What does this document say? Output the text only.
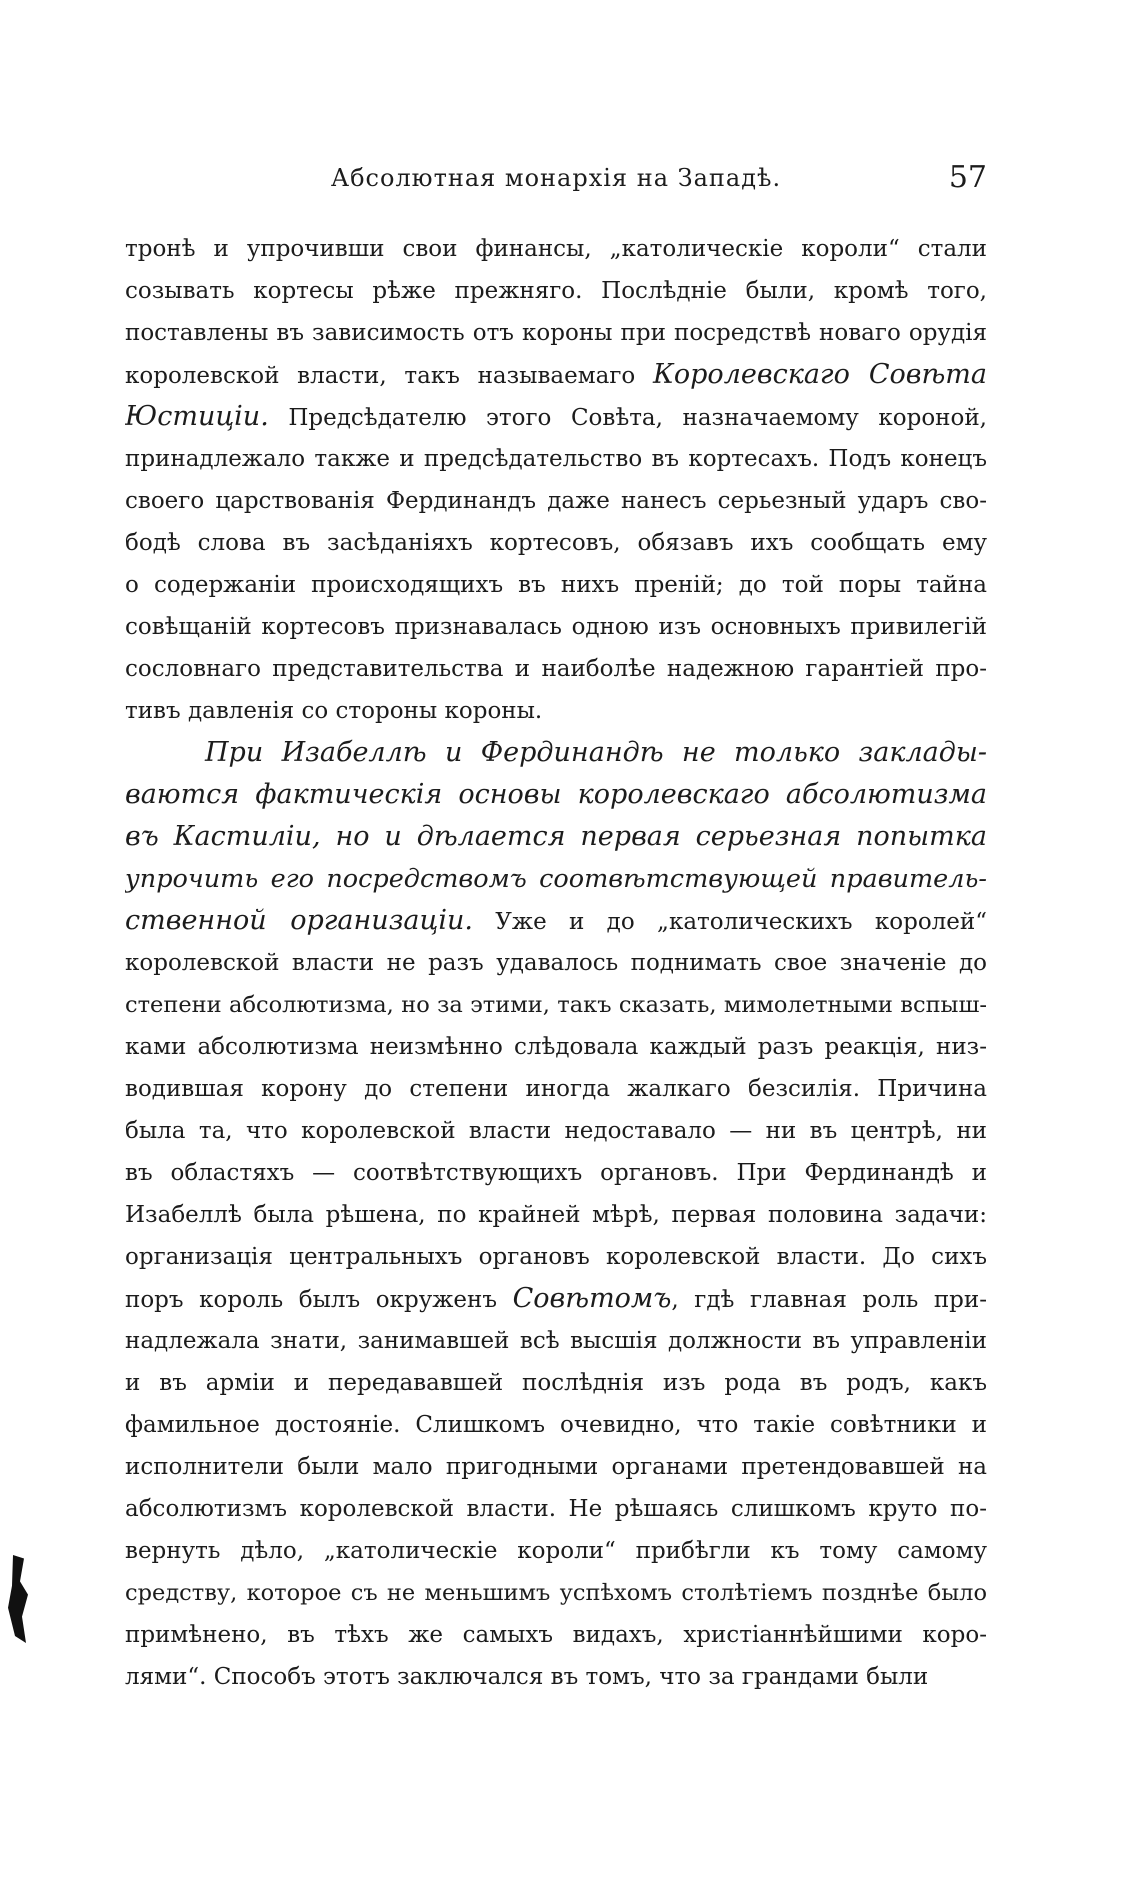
Абсолютная монархія на Западѣ.	57
тронѣ и упрочивши свои финансы, „католическіе короли“ стали
созывать кортесы рѣже прежняго. Послѣдніе были, кромѣ того,
поставлены въ зависимость отъ короны при посредствѣ новаго орудія
королевской власти, такъ называемаго Королевскаго Совѣта
Юстиціи. Предсѣдателю этого Совѣта, назначаемому короной,
принадлежало также и предсѣдательство въ кортесахъ. Подъ конецъ
своего царствованія Фердинандъ даже нанесъ серьезный ударъ сво-
бодѣ слова въ засѣданіяхъ кортесовъ, обязавъ ихъ сообщать ему
о содержаніи происходящихъ въ нихъ преній; до той поры тайна
совѣщаній кортесовъ признавалась одною изъ основныхъ привилегій
сословнаго представительства и наиболѣе надежною гарантіей про-
тивъ давленія со стороны короны.
При Изабеллѣ и Фердинандѣ не только заклады-
ваются фактическія основы королевскаго абсолютизма
въ Кастиліи, но и дѣлается первая серьезная попытка
упрочить его посредствомъ соотвѣтствующей правитель-
ственной организаціи. Уже и до „католическихъ королей“
королевской власти не разъ удавалось поднимать свое значеніе до
степени абсолютизма, но за этими, такъ сказать, мимолетными вспыш-
ками абсолютизма неизмѣнно слѣдовала каждый разъ реакція, низ-
водившая корону до степени иногда жалкаго безсилія. Причина
была та, что королевской власти недоставало — ни въ центрѣ, ни
въ областяхъ — соотвѣтствующихъ органовъ. При Фердинандѣ и
Изабеллѣ была рѣшена, по крайней мѣрѣ, первая половина задачи:
организація центральныхъ органовъ королевской власти. До сихъ
поръ король былъ окруженъ Совѣтомъ, гдѣ главная роль при-
надлежала знати, занимавшей всѣ высшія должности въ управленіи
и въ арміи и передававшей послѣднія изъ рода въ родъ, какъ
фамильное достояніе. Слишкомъ очевидно, что такіе совѣтники и
исполнители были мало пригодными органами претендовавшей на
абсолютизмъ королевской власти. Не рѣшаясь слишкомъ круто по-
вернуть дѣло, „католическіе короли“ прибѣгли къ тому самому
средству, которое съ не меньшимъ успѣхомъ столѣтіемъ позднѣе было
примѣнено, въ тѣхъ же самыхъ видахъ, христіаннѣйшими коро-
лями“. Способъ этотъ заключался въ томъ, что за грандами были
